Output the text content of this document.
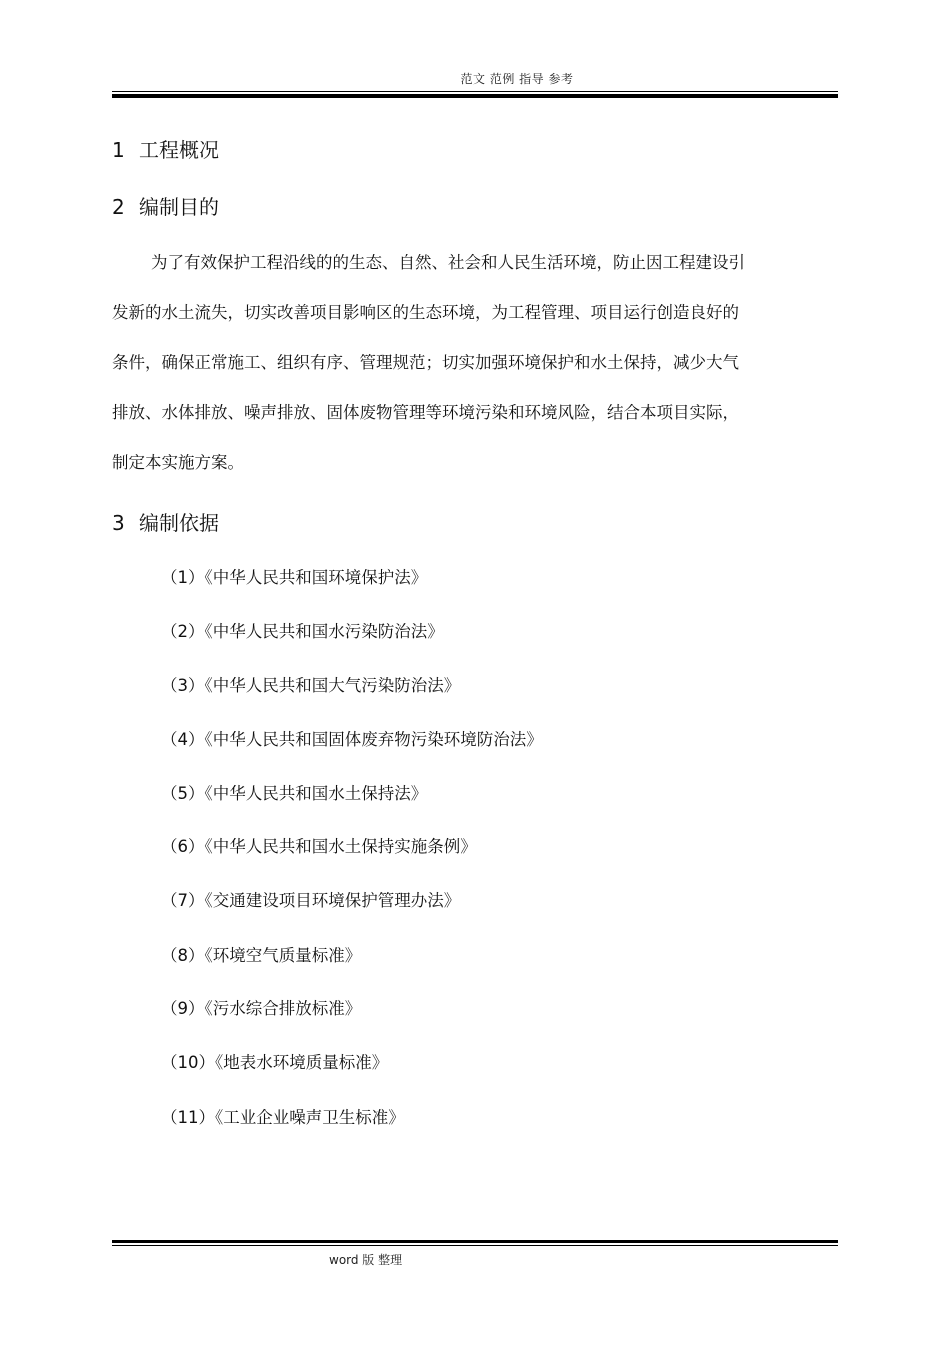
范文 范例 指导 参考
1 工程概况
2 编制目的
为了有效保护工程沿线的的生态、自然、社会和人民生活环境，防止因工程建设引
发新的水土流失，切实改善项目影响区的生态环境，为工程管理、项目运行创造良好的
条件，确保正常施工、组织有序、管理规范；切实加强环境保护和水土保持，减少大气
排放、水体排放、噪声排放、固体废物管理等环境污染和环境风险，结合本项目实际，
制定本实施方案。
3 编制依据
（1）《中华人民共和国环境保护法》
（2）《中华人民共和国水污染防治法》
（3）《中华人民共和国大气污染防治法》
（4）《中华人民共和国固体废弃物污染环境防治法》
（5）《中华人民共和国水土保持法》
（6）《中华人民共和国水土保持实施条例》
（7）《交通建设项目环境保护管理办法》
（8）《环境空气质量标准》
（9）《污水综合排放标准》
（10）《地表水环境质量标准》
（11）《工业企业噪声卫生标准》
word 版 整理
